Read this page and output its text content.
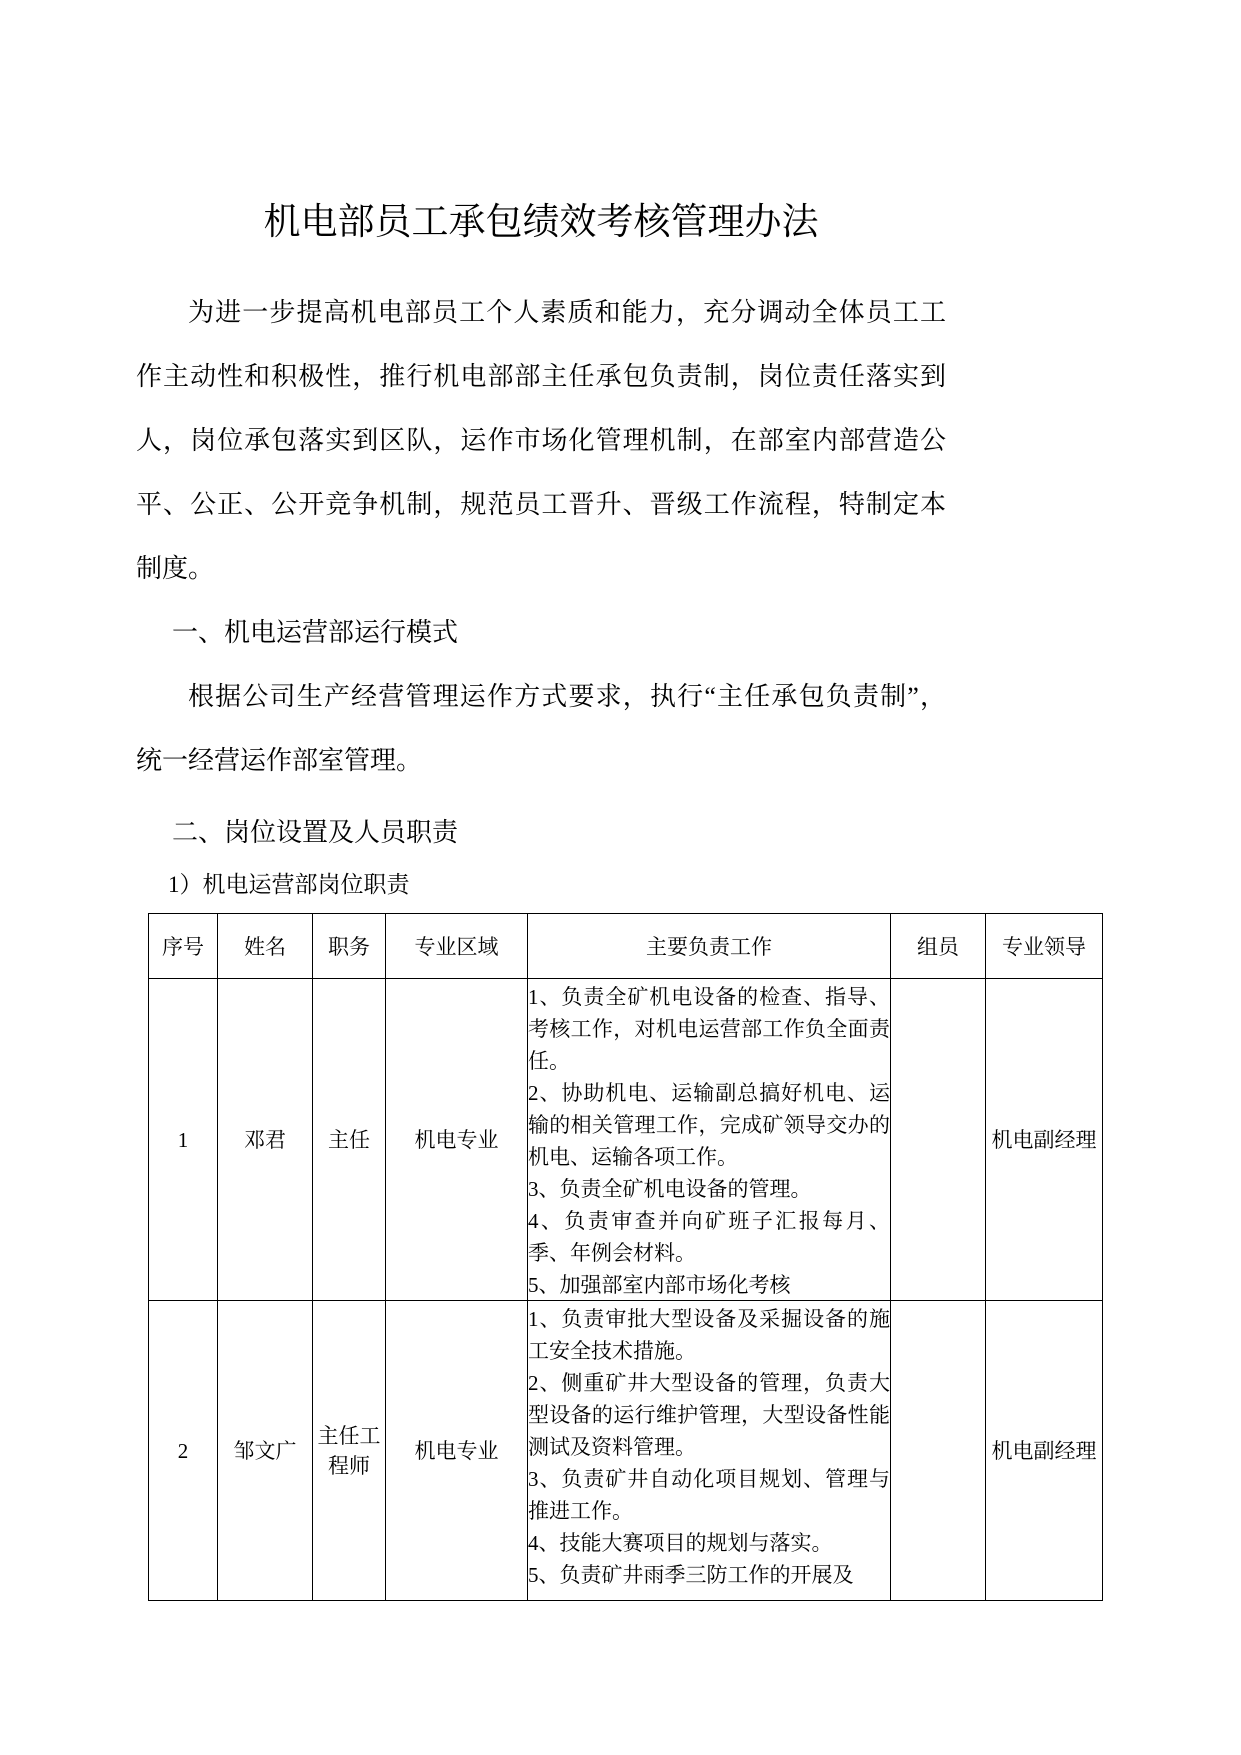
机电部员工承包绩效考核管理办法
为进一步提高机电部员工个人素质和能力，充分调动全体员工工
作主动性和积极性，推行机电部部主任承包负责制，岗位责任落实到
人，岗位承包落实到区队，运作市场化管理机制，在部室内部营造公
平、公正、公开竞争机制，规范员工晋升、晋级工作流程，特制定本
制度。
一、机电运营部运行模式
根据公司生产经营管理运作方式要求，执行“主任承包负责制”，
统一经营运作部室管理。
二、岗位设置及人员职责
1）机电运营部岗位职责
序号	姓名	职务	专业区域	主要负责工作	组员	专业领导
1	邓君	主任	机电专业	1、负责全矿机电设备的检查、指导、考核工作，对机电运营部工作负全面责任。

2、协助机电、运输副总搞好机电、运输的相关管理工作，完成矿领导交办的机电、运输各项工作。

3、负责全矿机电设备的管理。

4、负责审查并向矿班子汇报每月、季、年例会材料。

5、加强部室内部市场化考核		机电副经理
2	邹文广	主任工程师	机电专业	1、负责审批大型设备及采掘设备的施工安全技术措施。

2、侧重矿井大型设备的管理，负责大型设备的运行维护管理，大型设备性能测试及资料管理。

3、负责矿井自动化项目规划、管理与推进工作。

4、技能大赛项目的规划与落实。

5、负责矿井雨季三防工作的开展及		机电副经理
